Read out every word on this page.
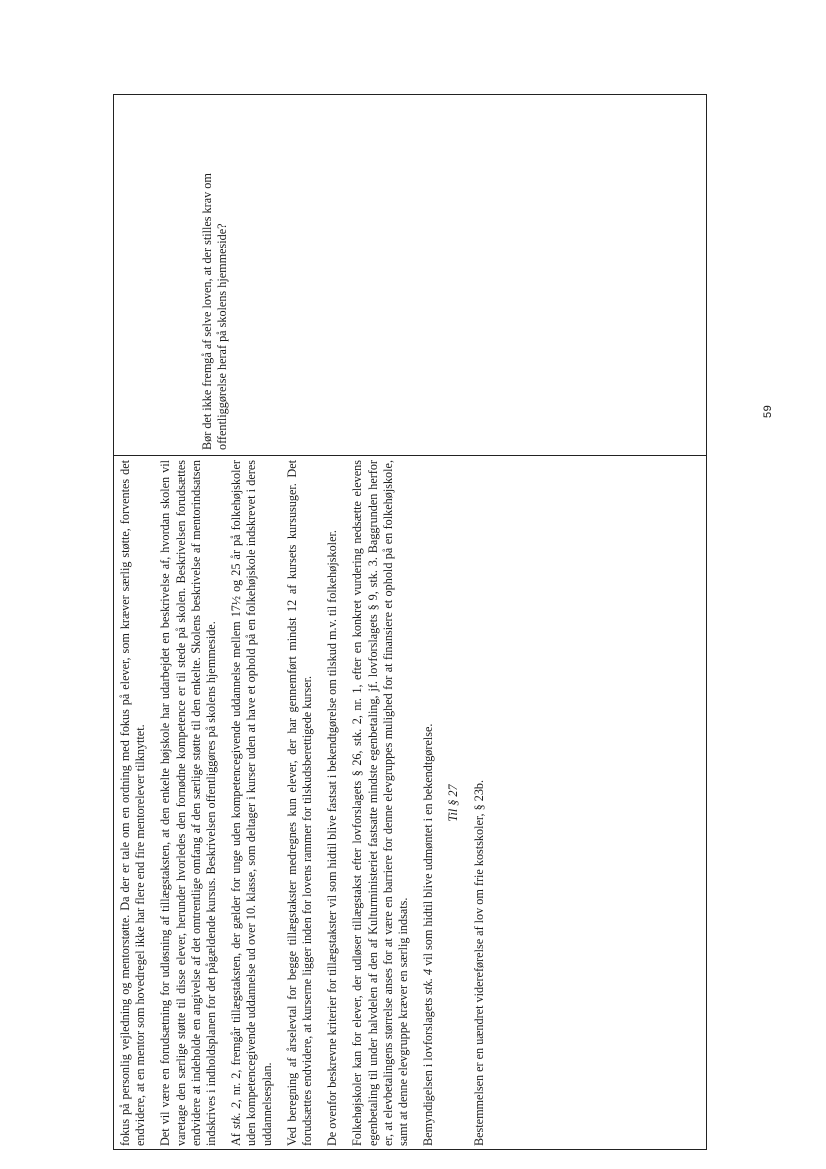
fokus på personlig vejledning og mentorstøtte. Da der er tale om en ordning med fokus på elever, som kræver særlig støtte, forventes det endvidere, at en mentor som hovedregel ikke har flere end fire mentorelever tilknyttet. Det vil være en forudsætning for udløsning af tillægstaksten, at den enkelte højskole har udarbejdet en beskrivelse af, hvordan skolen vil varetage den særlige støtte til disse elever, herunder hvorledes den fornødne kompetence er til stede på skolen. Beskrivelsen forudsættes endvidere at indeholde en angivelse af det omtrentlige omfang af den særlige støtte til den enkelte. Skolens beskrivelse af mentorindsatsen indskrives i indholdsplanen for det pågældende kursus. Beskrivelsen offentliggøres på skolens hjemmeside. Af stk. 2, nr. 2, fremgår tillægstaksten, der gælder for unge uden kompetencegivende uddannelse mellem 17½ og 25 år på folkehøjskoler uden kompetencegivende uddannelse ud over 10. klasse, som deltager i kurser uden at have et ophold på en folkehøjskole indskrevet i deres uddannelsesplan. Ved beregning af årselevtal for begge tillægstakster medregnes kun elever, der har gennemført mindst 12 af kursets kursusuger. Det forudsættes endvidere, at kurserne ligger inden for lovens rammer for tilskudsberettigede kurser. De ovenfor beskrevne kriterier for tillægstakster vil som hidtil blive fastsat i bekendtgørelse om tilskud m.v. til folkehøjskoler. Folkehøjskoler kan for elever, der udløser tillægstakst efter lovforslagets § 26, stk. 2, nr. 1, efter en konkret vurdering nedsætte elevens egenbetaling til under halvdelen af den af Kulturministeriet fastsatte mindste egenbetaling, jf. lovforslagets § 9, stk. 3. Baggrunden herfor er, at elevbetalingens størrelse anses for at være en barriere for denne elevgruppes mulighed for at finansiere et ophold på en folkehøjskole, samt at denne elevgruppe kræver en særlig indsats. Bemyndigelsen i lovforslagets stk. 4 vil som hidtil blive udmøntet i en bekendtgørelse. Til § 27 Bestemmelsen er en uændret videreførelse af lov om frie kostskoler, § 23b.

Bør det ikke fremgå af selve loven, at der stilles krav om offentliggørelse heraf på skolens hjemmeside?	59
